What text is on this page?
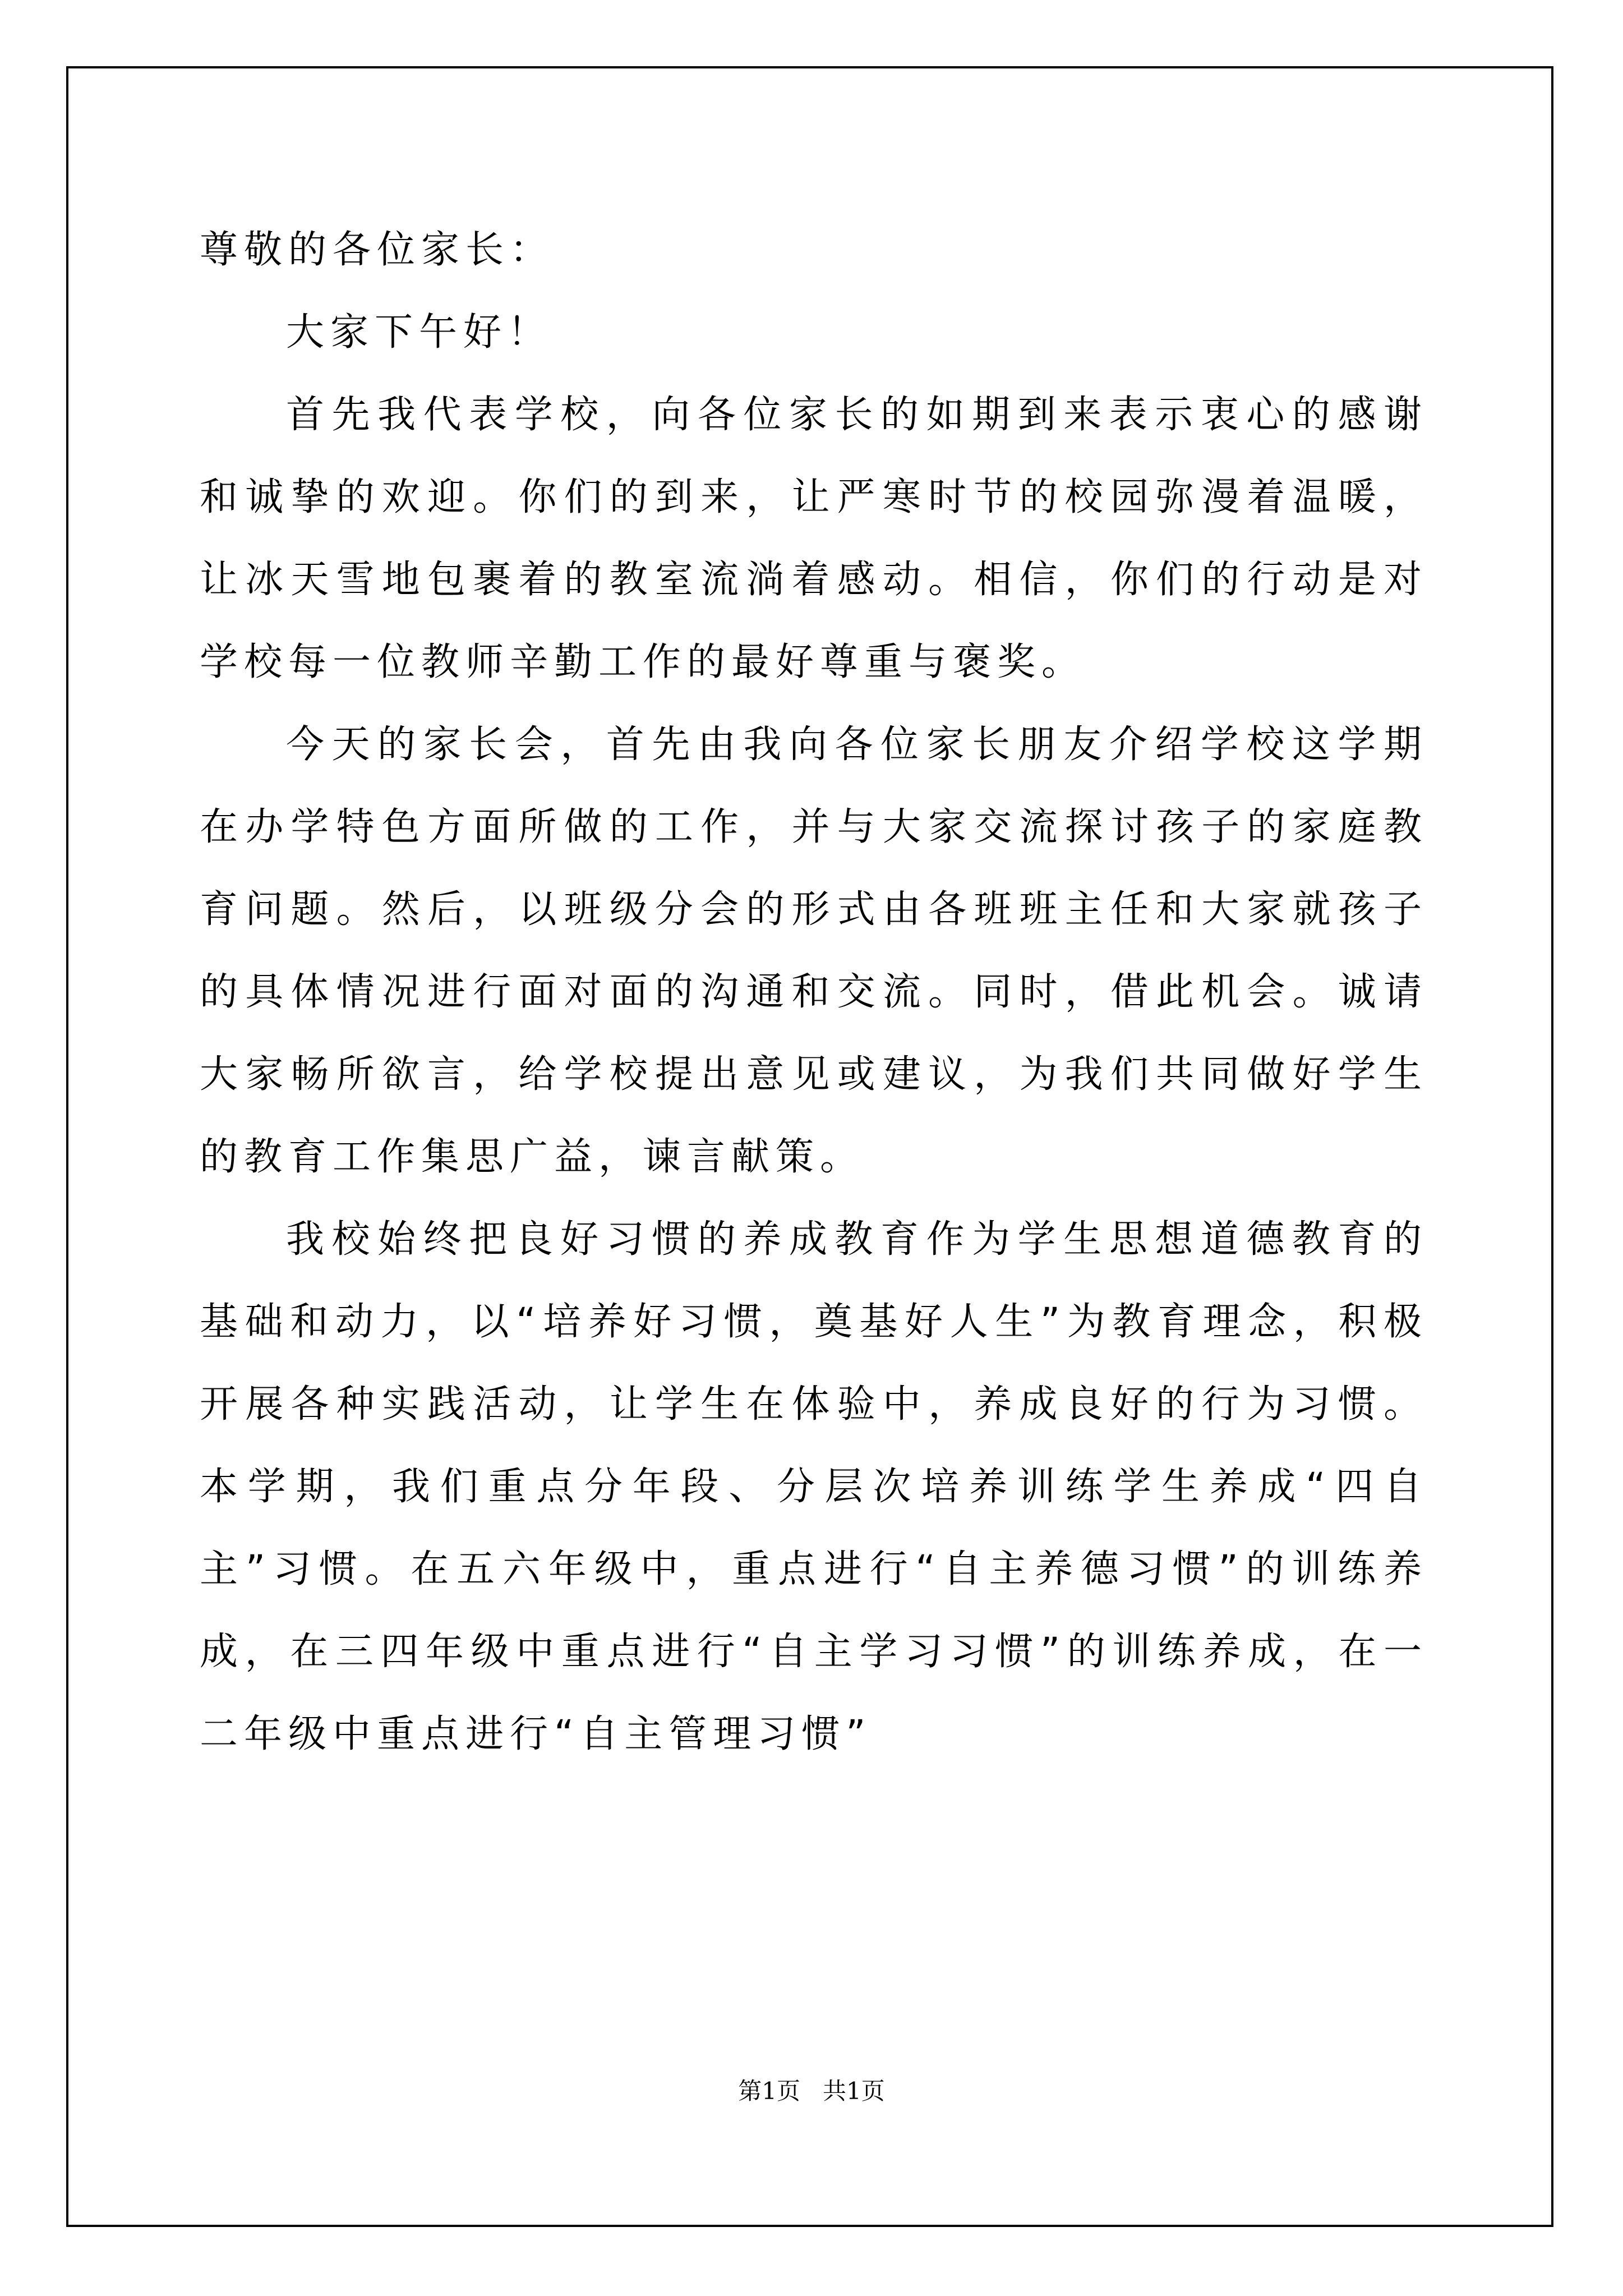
尊敬的各位家长：

大家下午好！

首先我代表学校，向各位家长的如期到来表示衷心的感谢和诚挚的欢迎。你们的到来，让严寒时节的校园弥漫着温暖，让冰天雪地包裹着的教室流淌着感动。相信，你们的行动是对学校每一位教师辛勤工作的最好尊重与褒奖。

今天的家长会，首先由我向各位家长朋友介绍学校这学期在办学特色方面所做的工作，并与大家交流探讨孩子的家庭教育问题。然后，以班级分会的形式由各班班主任和大家就孩子的具体情况进行面对面的沟通和交流。同时，借此机会。诚请大家畅所欲言，给学校提出意见或建议，为我们共同做好学生的教育工作集思广益，谏言献策。

我校始终把良好习惯的养成教育作为学生思想道德教育的基础和动力，以“培养好习惯，奠基好人生”为教育理念，积极开展各种实践活动，让学生在体验中，养成良好的行为习惯。本学期，我们重点分年段、分层次培养训练学生养成“四自主”习惯。在五六年级中，重点进行“自主养德习惯”的训练养成，在三四年级中重点进行“自主学习习惯”的训练养成，在一二年级中重点进行“自主管理习惯”

第1页 共1页
